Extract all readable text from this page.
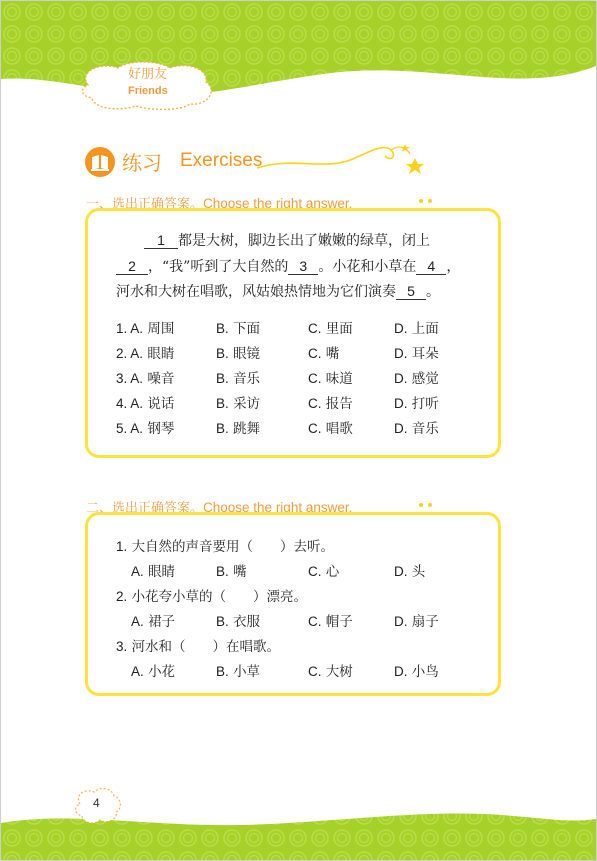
好朋友
Friends
练习 Exercises
一、选出正确答案。Choose the right answer.
1 都是大树，脚边长出了嫩嫩的绿草，闭上
2 ，“我”听到了大自然的 3 。小花和小草在 4 ，
河水和大树在唱歌，风姑娘热情地为它们演奏 5 。
1. A. 周围	B. 下面	C. 里面	D. 上面
2. A. 眼睛	B. 眼镜	C. 嘴	D. 耳朵
3. A. 噪音	B. 音乐	C. 味道	D. 感觉
4. A. 说话	B. 采访	C. 报告	D. 打听
5. A. 钢琴	B. 跳舞	C. 唱歌	D. 音乐
二、选出正确答案。Choose the right answer.
1. 大自然的声音要用（　　）去听。
A. 眼睛	B. 嘴	C. 心	D. 头
2. 小花夸小草的（　　）漂亮。
A. 裙子	B. 衣服	C. 帽子	D. 扇子
3. 河水和（　　）在唱歌。
A. 小花	B. 小草	C. 大树	D. 小鸟
4
